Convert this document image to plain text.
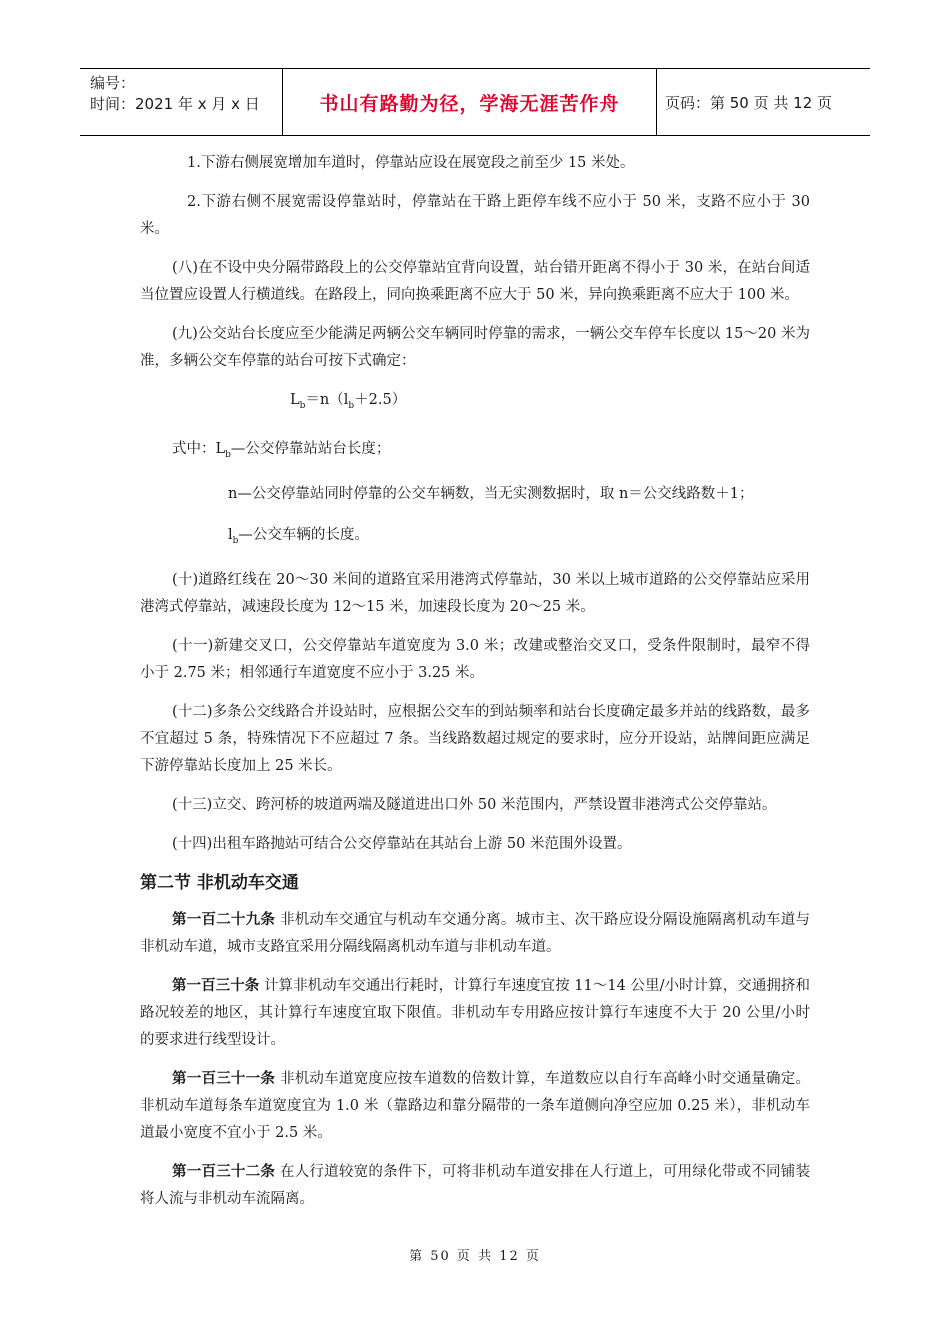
编号：
时间：2021 年 x 月 x 日	书山有路勤为径，学海无涯苦作舟	页码：第 50 页 共 12 页

1.下游右侧展宽增加车道时，停靠站应设在展宽段之前至少 15 米处。

2.下游右侧不展宽需设停靠站时，停靠站在干路上距停车线不应小于 50 米，支路不应小于 30 米。

(八)在不设中央分隔带路段上的公交停靠站宜背向设置，站台错开距离不得小于 30 米，在站台间适当位置应设置人行横道线。在路段上，同向换乘距离不应大于 50 米，异向换乘距离不应大于 100 米。

(九)公交站台长度应至少能满足两辆公交车辆同时停靠的需求，一辆公交车停车长度以 15～20 米为准，多辆公交车停靠的站台可按下式确定：

$L_b=n(l_b+2.5)$

式中：$L_b—$公交停靠站站台长度；

n—公交停靠站同时停靠的公交车辆数，当无实测数据时，取 n＝公交线路数＋1；

$l_b—$公交车辆的长度。

(十)道路红线在 20～30 米间的道路宜采用港湾式停靠站，30 米以上城市道路的公交停靠站应采用港湾式停靠站，减速段长度为 12～15 米，加速段长度为 20～25 米。

(十一)新建交叉口，公交停靠站车道宽度为 3.0 米；改建或整治交叉口，受条件限制时，最窄不得小于 2.75 米；相邻通行车道宽度不应小于 3.25 米。

(十二)多条公交线路合并设站时，应根据公交车的到站频率和站台长度确定最多并站的线路数，最多不宜超过 5 条，特殊情况下不应超过 7 条。当线路数超过规定的要求时，应分开设站，站牌间距应满足下游停靠站长度加上 25 米长。

(十三)立交、跨河桥的坡道两端及隧道进出口外 50 米范围内，严禁设置非港湾式公交停靠站。

(十四)出租车路抛站可结合公交停靠站在其站台上游 50 米范围外设置。

第二节 非机动车交通

第一百二十九条 非机动车交通宜与机动车交通分离。城市主、次干路应设分隔设施隔离机动车道与非机动车道，城市支路宜采用分隔线隔离机动车道与非机动车道。

第一百三十条 计算非机动车交通出行耗时，计算行车速度宜按 11～14 公里/小时计算，交通拥挤和路况较差的地区，其计算行车速度宜取下限值。非机动车专用路应按计算行车速度不大于 20 公里/小时的要求进行线型设计。

第一百三十一条 非机动车道宽度应按车道数的倍数计算，车道数应以自行车高峰小时交通量确定。非机动车道每条车道宽度宜为 1.0 米（靠路边和靠分隔带的一条车道侧向净空应加 0.25 米），非机动车道最小宽度不宜小于 2.5 米。

第一百三十二条 在人行道较宽的条件下，可将非机动车道安排在人行道上，可用绿化带或不同铺装将人流与非机动车流隔离。

第 50 页 共 12 页
